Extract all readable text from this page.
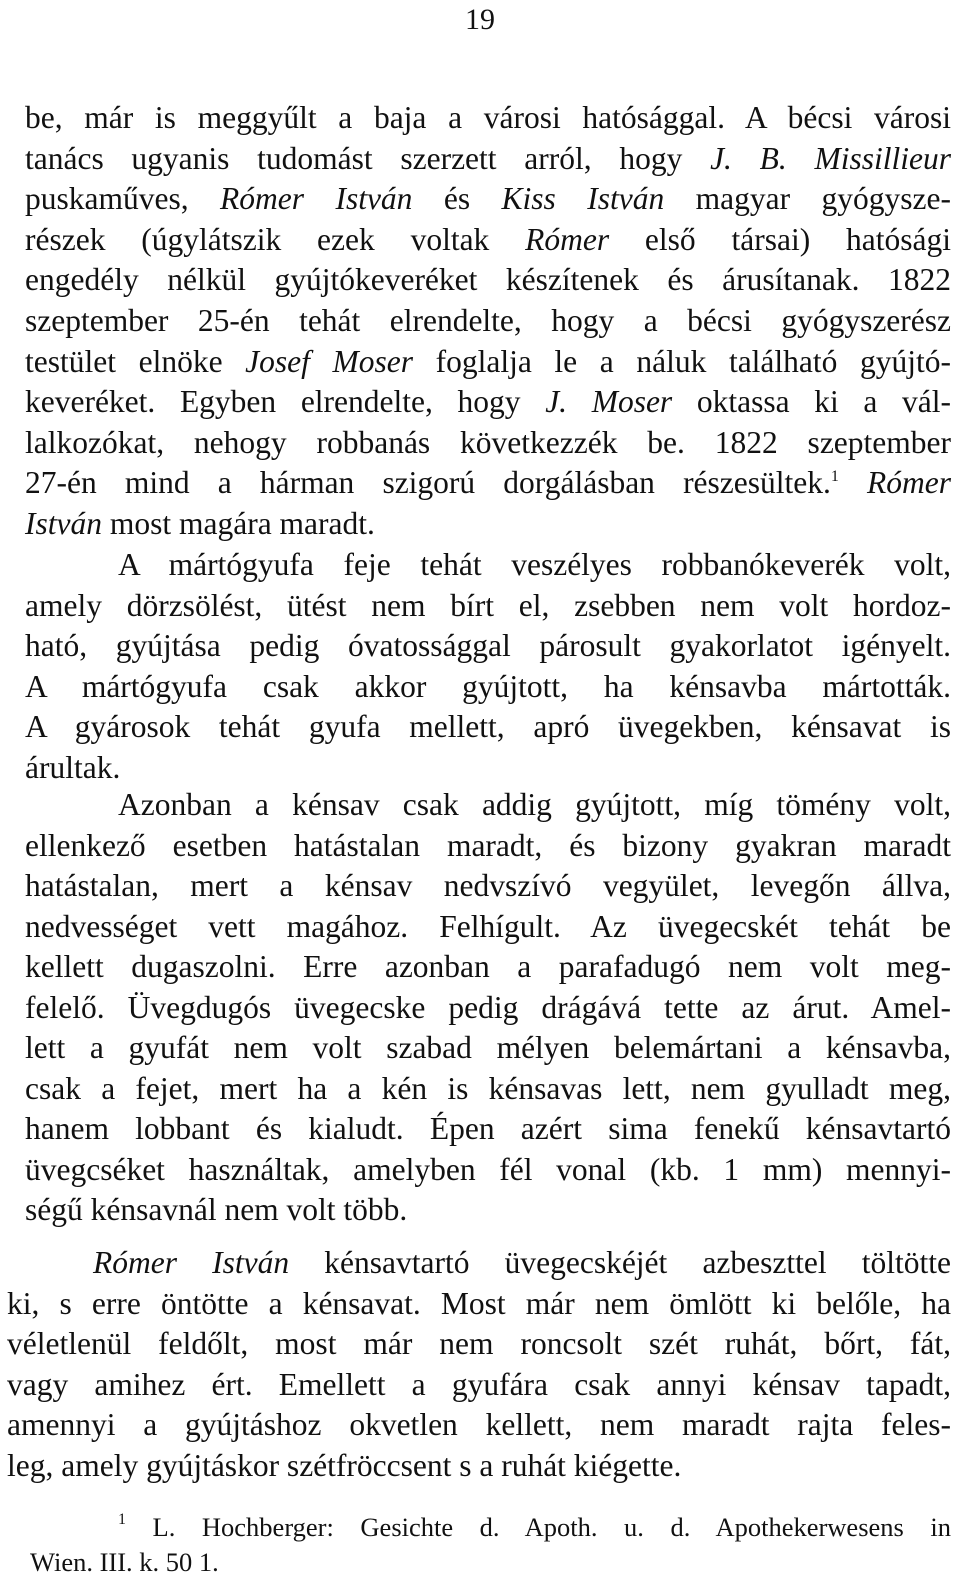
19
be, már is meggyűlt a baja a városi hatósággal. A bécsi városi
tanács ugyanis tudomást szerzett arról, hogy J. B. Missillieur
puskaműves, Rómer István és Kiss István magyar gyógysze-
részek (úgylátszik ezek voltak Rómer első társai) hatósági
engedély nélkül gyújtókeveréket készítenek és árusítanak. 1822
szeptember 25-én tehát elrendelte, hogy a bécsi gyógyszerész
testület elnöke Josef Moser foglalja le a náluk található gyújtó-
keveréket. Egyben elrendelte, hogy J. Moser oktassa ki a vál-
lalkozókat, nehogy robbanás következzék be. 1822 szeptember
27-én mind a hárman szigorú dorgálásban részesültek.$^1$ Rómer
István most magára maradt.
A mártógyufa feje tehát veszélyes robbanókeverék volt,
amely dörzsölést, ütést nem bírt el, zsebben nem volt hordoz-
ható, gyújtása pedig óvatossággal párosult gyakorlatot igényelt.
A mártógyufa csak akkor gyújtott, ha kénsavba mártották.
A gyárosok tehát gyufa mellett, apró üvegekben, kénsavat is
árultak.
Azonban a kénsav csak addig gyújtott, míg tömény volt,
ellenkező esetben hatástalan maradt, és bizony gyakran maradt
hatástalan, mert a kénsav nedvszívó vegyület, levegőn állva,
nedvességet vett magához. Felhígult. Az üvegecskét tehát be
kellett dugaszolni. Erre azonban a parafadugó nem volt meg-
felelő. Üvegdugós üvegecske pedig drágává tette az árut. Amel-
lett a gyufát nem volt szabad mélyen belemártani a kénsavba,
csak a fejet, mert ha a kén is kénsavas lett, nem gyulladt meg,
hanem lobbant és kialudt. Épen azért sima fenekű kénsavtartó
üvegcséket használtak, amelyben fél vonal (kb. 1 mm) mennyi-
ségű kénsavnál nem volt több.
Rómer István kénsavtartó üvegecskéjét azbeszttel töltötte
ki, s erre öntötte a kénsavat. Most már nem ömlött ki belőle, ha
véletlenül feldőlt, most már nem roncsolt szét ruhát, bőrt, fát,
vagy amihez ért. Emellett a gyufára csak annyi kénsav tapadt,
amennyi a gyújtáshoz okvetlen kellett, nem maradt rajta feles-
leg, amely gyújtáskor szétfröccsent s a ruhát kiégette.
$^1$ L. Hochberger: Gesichte d. Apoth. u. d. Apothekerwesens in
Wien. III. k. 50 1.
